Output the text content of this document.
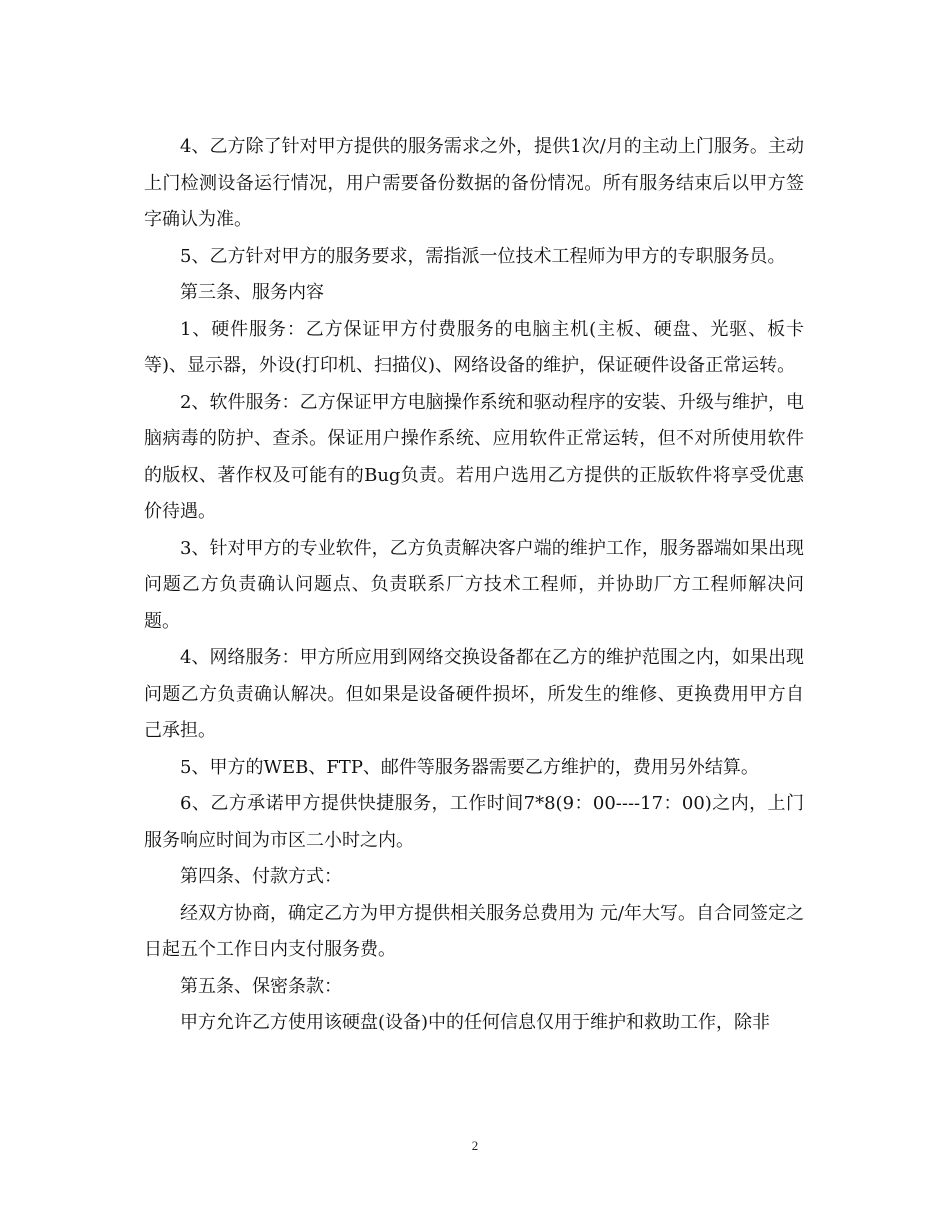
4、乙方除了针对甲方提供的服务需求之外，提供1次/月的主动上门服务。主动上门检测设备运行情况，用户需要备份数据的备份情况。所有服务结束后以甲方签字确认为准。

5、乙方针对甲方的服务要求，需指派一位技术工程师为甲方的专职服务员。

第三条、服务内容

1、硬件服务：乙方保证甲方付费服务的电脑主机(主板、硬盘、光驱、板卡等)、显示器，外设(打印机、扫描仪)、网络设备的维护，保证硬件设备正常运转。

2、软件服务：乙方保证甲方电脑操作系统和驱动程序的安装、升级与维护，电脑病毒的防护、查杀。保证用户操作系统、应用软件正常运转，但不对所使用软件的版权、著作权及可能有的Bug负责。若用户选用乙方提供的正版软件将享受优惠价待遇。

3、针对甲方的专业软件，乙方负责解决客户端的维护工作，服务器端如果出现问题乙方负责确认问题点、负责联系厂方技术工程师，并协助厂方工程师解决问题。

4、网络服务：甲方所应用到网络交换设备都在乙方的维护范围之内，如果出现问题乙方负责确认解决。但如果是设备硬件损坏，所发生的维修、更换费用甲方自己承担。

5、甲方的WEB、FTP、邮件等服务器需要乙方维护的，费用另外结算。

6、乙方承诺甲方提供快捷服务，工作时间7*8(9：00----17：00)之内，上门服务响应时间为市区二小时之内。

第四条、付款方式：

经双方协商，确定乙方为甲方提供相关服务总费用为 元/年大写。自合同签定之日起五个工作日内支付服务费。

第五条、保密条款：

甲方允许乙方使用该硬盘(设备)中的任何信息仅用于维护和救助工作，除非

2
